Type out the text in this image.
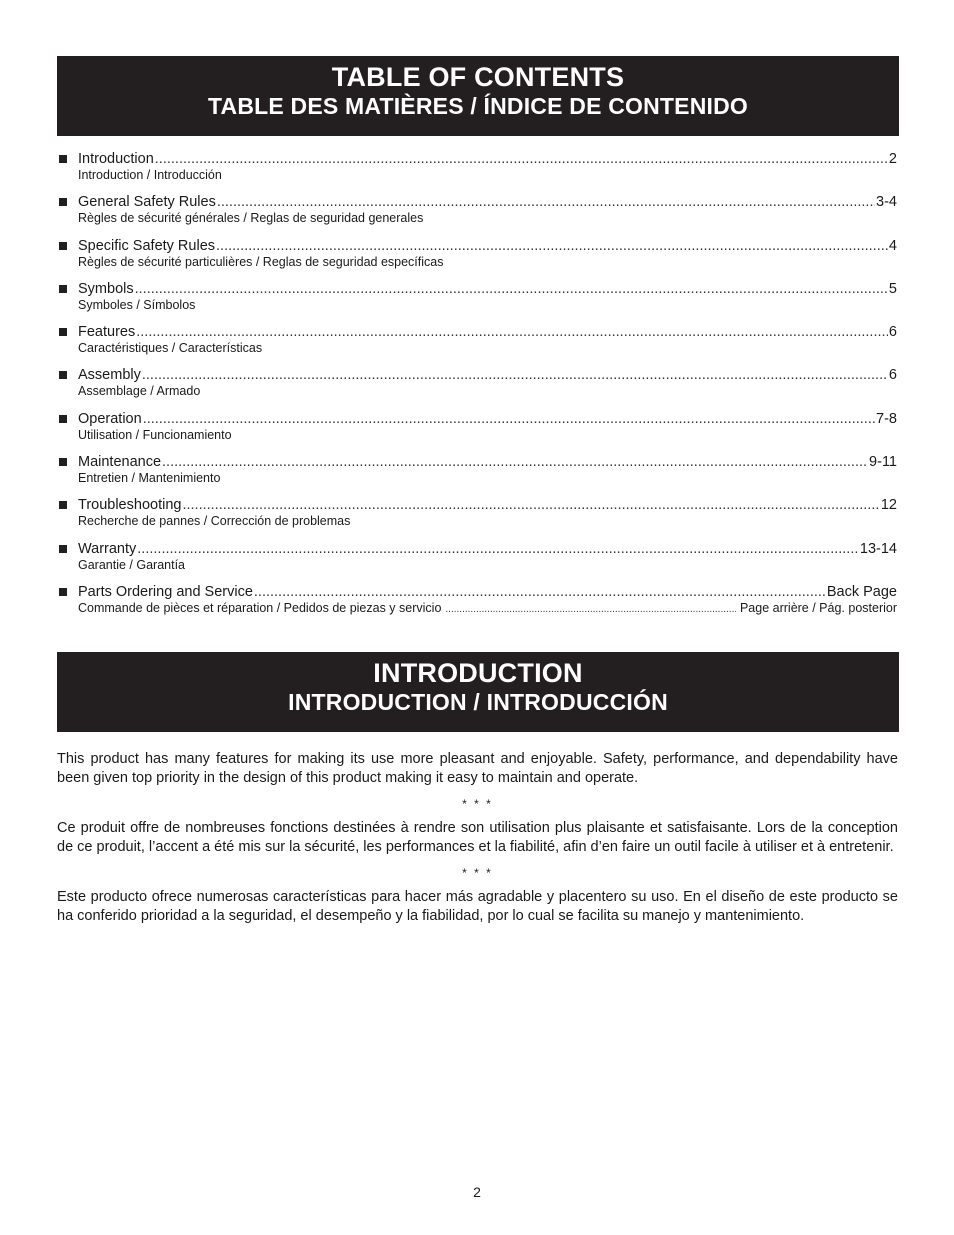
TABLE OF CONTENTS
TABLE DES MATIÈRES / ÍNDICE DE CONTENIDO
Introduction .....	2
Introduction / Introducción
General Safety Rules .....	3-4
Règles de sécurité générales / Reglas de seguridad generales
Specific Safety Rules .....	4
Règles de sécurité particulières / Reglas de seguridad específicas
Symbols .....	5
Symboles / Símbolos
Features .....	6
Caractéristiques / Características
Assembly .....	6
Assemblage / Armado
Operation .....	7-8
Utilisation / Funcionamiento
Maintenance .....	9-11
Entretien / Mantenimiento
Troubleshooting .....	12
Recherche de pannes / Corrección de problemas
Warranty .....	13-14
Garantie / Garantía
Parts Ordering and Service .....	Back Page
Commande de pièces et réparation / Pedidos de piezas y servicio .....	Page arrière / Pág. posterior
INTRODUCTION
INTRODUCTION / INTRODUCCIÓN

This product has many features for making its use more pleasant and enjoyable. Safety, performance, and dependability have been given top priority in the design of this product making it easy to maintain and operate.

* * *

Ce produit offre de nombreuses fonctions destinées à rendre son utilisation plus plaisante et satisfaisante. Lors de la conception de ce produit, l’accent a été mis sur la sécurité, les performances et la fiabilité, afin d’en faire un outil facile à utiliser et à entretenir.

* * *

Este producto ofrece numerosas características para hacer más agradable y placentero su uso. En el diseño de este producto se ha conferido prioridad a la seguridad, el desempeño y la fiabilidad, por lo cual se facilita su manejo y mantenimiento.

2
